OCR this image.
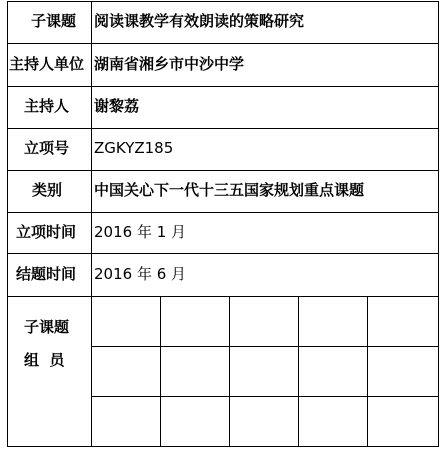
子课题
主持人单位
主持人
立项号
类别
立项时间
结题时间
子课题
组  员
阅读课教学有效朗读的策略研究
湖南省湘乡市中沙中学
谢黎荔
ZGKYZ185
中国关心下一代十三五国家规划重点课题
2016 年 1 月
2016 年 6 月
